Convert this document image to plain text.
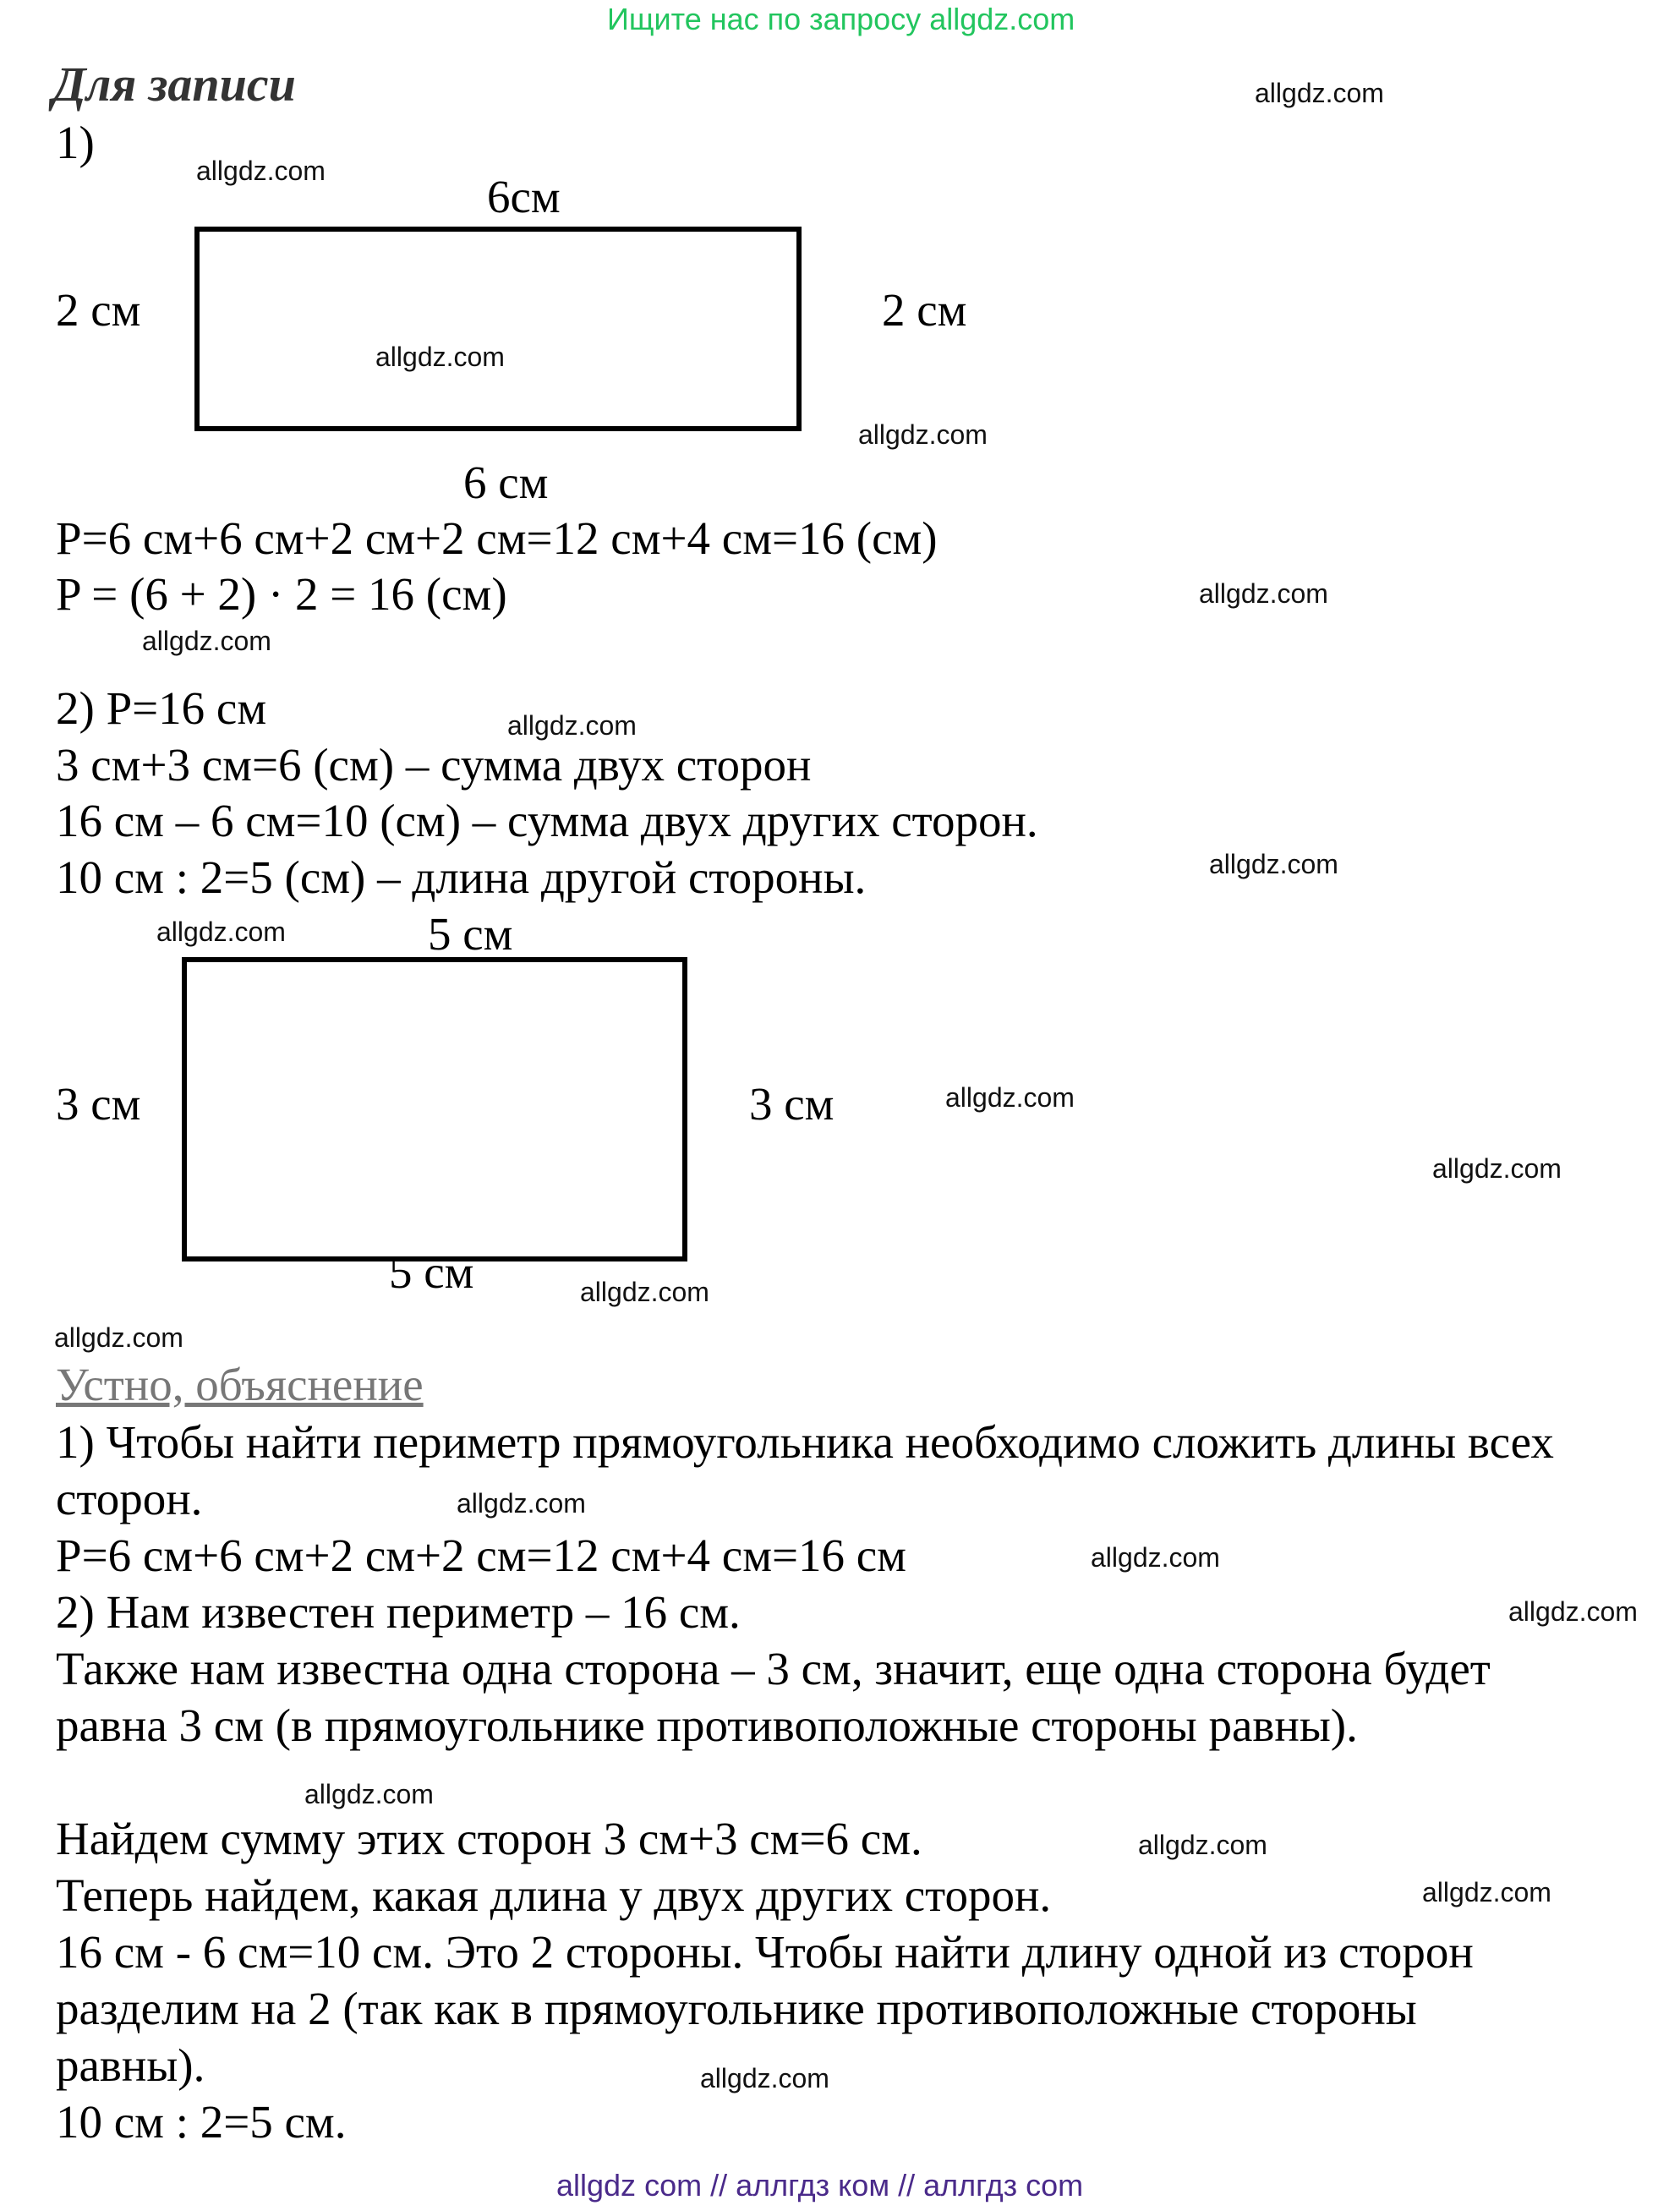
Ищите нас по запросу allgdz.com
Для записи
1)
6см
2 см	2 см
6 см
P=6 см+6 см+2 см+2 см=12 см+4 см=16 (см)
P = (6 + 2) · 2 = 16 (см)
2) P=16 см
3 см+3 см=6 (см) – сумма двух сторон
16 см – 6 см=10 (см) – сумма двух других сторон.
10 см : 2=5 (см) – длина другой стороны.
5 см
3 см	3 см
5 см
Устно, объяснение
1) Чтобы найти периметр прямоугольника необходимо сложить длины всех сторон.
P=6 см+6 см+2 см+2 см=12 см+4 см=16 см
2) Нам известен периметр – 16 см.
Также нам известна одна сторона – 3 см, значит, еще одна сторона будет равна 3 см (в прямоугольнике противоположные стороны равны).
Найдем сумму этих сторон 3 см+3 см=6 см.
Теперь найдем, какая длина у двух других сторон.
16 см - 6 см=10 см. Это 2 стороны. Чтобы найти длину одной из сторон разделим на 2 (так как в прямоугольнике противоположные стороны равны).
10 см : 2=5 см.
allgdz.com
allgdz.com
allgdz.com
allgdz.com
allgdz.com
allgdz.com
allgdz.com
allgdz.com
allgdz.com
allgdz.com
allgdz.com
allgdz.com
allgdz.com
allgdz.com
allgdz.com
allgdz.com
allgdz.com
allgdz.com
allgdz.com
allgdz.com
allgdz com // аллгдз ком // аллгдз com
